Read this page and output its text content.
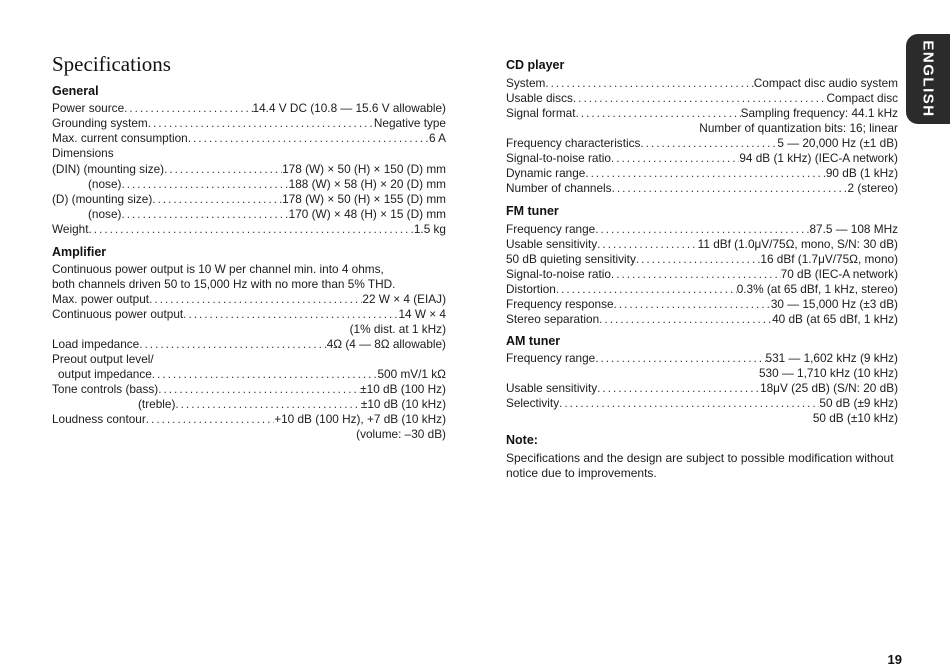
Specifications
General
Power source .....	14.4 V DC (10.8 — 15.6 V allowable)
Grounding system .....	Negative type
Max. current consumption .....	6 A
Dimensions
(DIN) (mounting size) .....	178 (W) × 50 (H) × 150 (D) mm
(nose) .....	188 (W) × 58 (H) × 20 (D) mm
(D) (mounting size) .....	178 (W) × 50 (H) × 155 (D) mm
(nose) .....	170 (W) × 48 (H) × 15 (D) mm
Weight .....	1.5 kg
Amplifier
Continuous power output is 10 W per channel min. into 4 ohms,
both channels driven 50 to 15,000 Hz with no more than 5% THD.
Max. power output .....	22 W × 4 (EIAJ)
Continuous power output .....	14 W × 4
(1% dist. at 1 kHz)
Load impedance .....	4Ω (4 — 8Ω allowable)
Preout output level/
output impedance .....	500 mV/1 kΩ
Tone controls (bass) .....	±10 dB (100 Hz)
(treble) .....	±10 dB (10 kHz)
Loudness contour .....	+10 dB (100 Hz), +7 dB (10 kHz)
(volume: –30 dB)
CD player
System .....	Compact disc audio system
Usable discs .....	Compact disc
Signal format .....	Sampling frequency: 44.1 kHz
Number of quantization bits: 16; linear
Frequency characteristics .....	5 — 20,000 Hz (±1 dB)
Signal-to-noise ratio .....	94 dB (1 kHz) (IEC-A network)
Dynamic range .....	90 dB (1 kHz)
Number of channels .....	2 (stereo)
FM tuner
Frequency range .....	87.5 — 108 MHz
Usable sensitivity .....	11 dBf (1.0μV/75Ω, mono, S/N: 30 dB)
50 dB quieting sensitivity .....	16 dBf (1.7μV/75Ω, mono)
Signal-to-noise ratio .....	70 dB (IEC-A network)
Distortion .....	0.3% (at 65 dBf, 1 kHz, stereo)
Frequency response .....	30 — 15,000 Hz (±3 dB)
Stereo separation .....	40 dB (at 65 dBf, 1 kHz)
AM tuner
Frequency range .....	531 — 1,602 kHz (9 kHz)
530 — 1,710 kHz (10 kHz)
Usable sensitivity .....	18μV (25 dB) (S/N: 20 dB)
Selectivity .....	50 dB (±9 kHz)
50 dB (±10 kHz)
Note:
Specifications and the design are subject to possible modification without notice due to improvements.
ENGLISH
19
